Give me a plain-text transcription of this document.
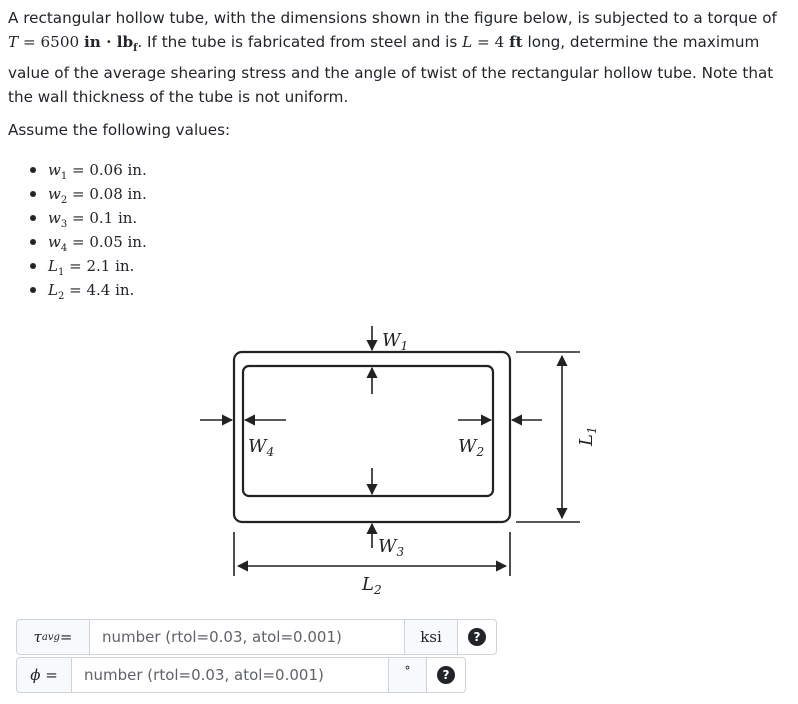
A rectangular hollow tube, with the dimensions shown in the figure below, is subjected to a torque of
T = 6500 in · $lb_f$. If the tube is fabricated from steel and is L = 4 ft long, determine the maximum value of the average shearing stress and the angle of twist of the rectangular hollow tube. Note that the wall thickness of the tube is not uniform.
Assume the following values:
$w_1 = 0.06$ in.
$w_2 = 0.08$ in.
$w_3 = 0.1$ in.
$w_4 = 0.05$ in.
$L_1 = 2.1$ in.
$L_2 = 4.4$ in.
$W_1$
$W_4$	$W_2$
$W_3$
$L_2$
$L_1$
τ avg =
number (rtol=0.03, atol=0.001)	ksi	?
ϕ =
number (rtol=0.03, atol=0.001)	°	?
